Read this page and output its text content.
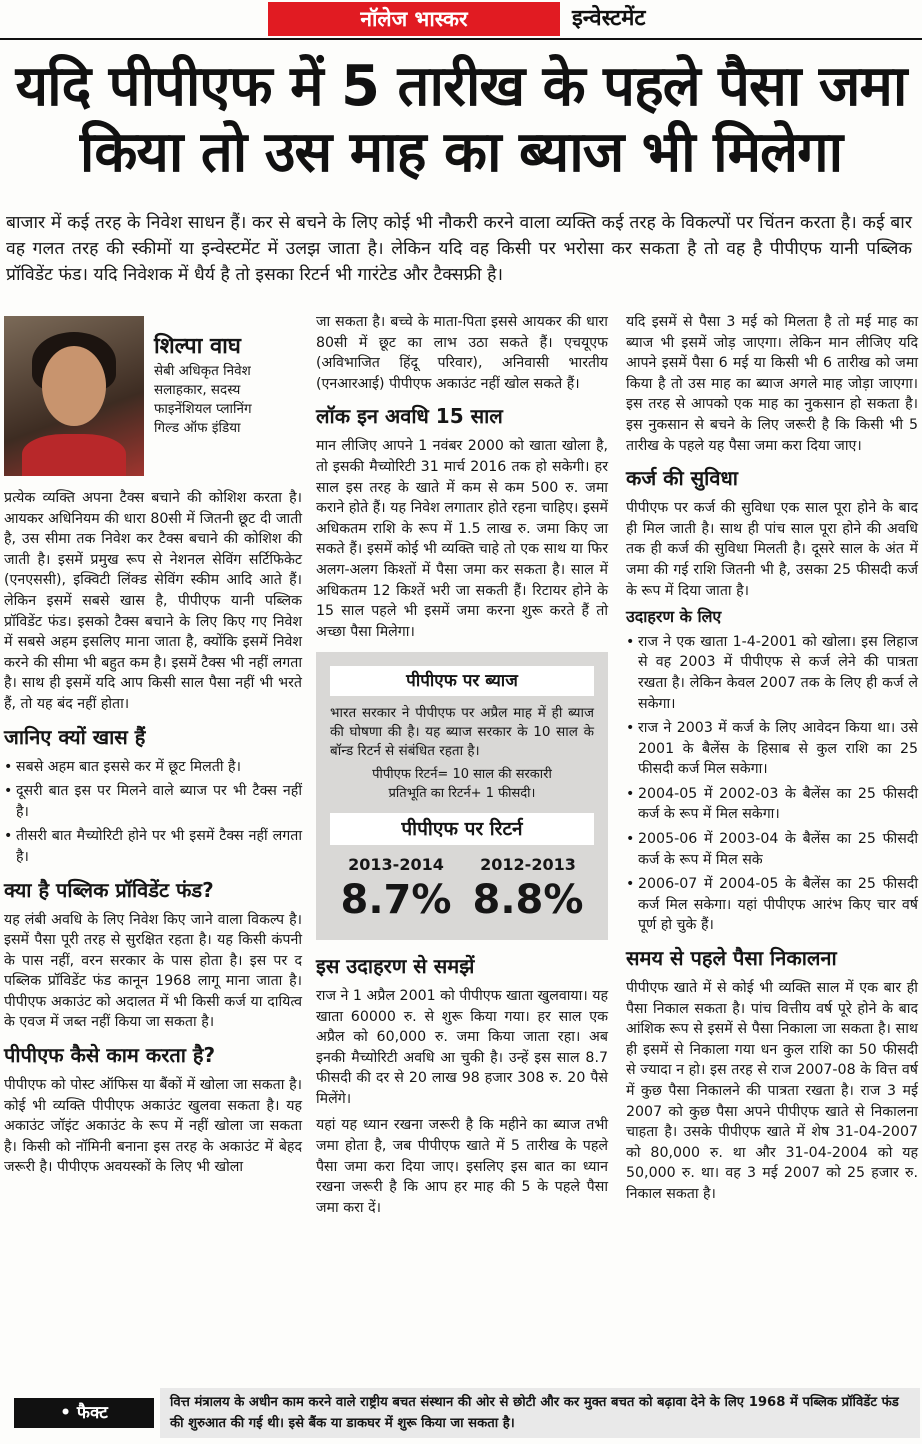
नॉलेज भास्कर	इन्वेस्टमेंट
यदि पीपीएफ में 5 तारीख के पहले पैसा जमा
किया तो उस माह का ब्याज भी मिलेगा
बाजार में कई तरह के निवेश साधन हैं। कर से बचने के लिए कोई भी नौकरी करने वाला व्यक्ति कई तरह के विकल्पों पर चिंतन करता है। कई बार वह गलत तरह की स्कीमों या इन्वेस्टमेंट में उलझ जाता है। लेकिन यदि वह किसी पर भरोसा कर सकता है तो वह है पीपीएफ यानी पब्लिक प्रॉविडेंट फंड। यदि निवेशक में धैर्य है तो इसका रिटर्न भी गारंटेड और टैक्सफ्री है।
शिल्पा वाघ
सेबी अधिकृत निवेश
सलाहकार, सदस्य
फाइनेंशियल प्लानिंग
गिल्ड ऑफ इंडिया

प्रत्येक व्यक्ति अपना टैक्स बचाने की कोशिश करता है। आयकर अधिनियम की धारा 80सी में जितनी छूट दी जाती है, उस सीमा तक निवेश कर टैक्स बचाने की कोशिश की जाती है। इसमें प्रमुख रूप से नेशनल सेविंग सर्टिफिकेट (एनएससी), इक्विटी लिंक्ड सेविंग स्कीम आदि आते हैं। लेकिन इसमें सबसे खास है, पीपीएफ यानी पब्लिक प्रॉविडेंट फंड। इसको टैक्स बचाने के लिए किए गए निवेश में सबसे अहम इसलिए माना जाता है, क्योंकि इसमें निवेश करने की सीमा भी बहुत कम है। इसमें टैक्स भी नहीं लगता है। साथ ही इसमें यदि आप किसी साल पैसा नहीं भी भरते हैं, तो यह बंद नहीं होता।

जानिए क्यों खास हैं
• सबसे अहम बात इससे कर में छूट मिलती है।
• दूसरी बात इस पर मिलने वाले ब्याज पर भी टैक्स नहीं है।
• तीसरी बात मैच्योरिटी होने पर भी इसमें टैक्स नहीं लगता है।
क्या है पब्लिक प्रॉविडेंट फंड?

यह लंबी अवधि के लिए निवेश किए जाने वाला विकल्प है। इसमें पैसा पूरी तरह से सुरक्षित रहता है। यह किसी कंपनी के पास नहीं, वरन सरकार के पास होता है। इस पर द पब्लिक प्रॉविडेंट फंड कानून 1968 लागू माना जाता है। पीपीएफ अकाउंट को अदालत में भी किसी कर्ज या दायित्व के एवज में जब्त नहीं किया जा सकता है।

पीपीएफ कैसे काम करता है?

पीपीएफ को पोस्ट ऑफिस या बैंकों में खोला जा सकता है। कोई भी व्यक्ति पीपीएफ अकाउंट खुलवा सकता है। यह अकाउंट जॉइंट अकाउंट के रूप में नहीं खोला जा सकता है। किसी को नॉमिनी बनाना इस तरह के अकाउंट में बेहद जरूरी है। पीपीएफ अवयस्कों के लिए भी खोला

जा सकता है। बच्चे के माता-पिता इससे आयकर की धारा 80सी में छूट का लाभ उठा सकते हैं। एचयूएफ (अविभाजित हिंदू परिवार), अनिवासी भारतीय (एनआरआई) पीपीएफ अकाउंट नहीं खोल सकते हैं।

लॉक इन अवधि 15 साल

मान लीजिए आपने 1 नवंबर 2000 को खाता खोला है, तो इसकी मैच्योरिटी 31 मार्च 2016 तक हो सकेगी। हर साल इस तरह के खाते में कम से कम 500 रु. जमा कराने होते हैं। यह निवेश लगातार होते रहना चाहिए। इसमें अधिकतम राशि के रूप में 1.5 लाख रु. जमा किए जा सकते हैं। इसमें कोई भी व्यक्ति चाहे तो एक साथ या फिर अलग-अलग किश्तों में पैसा जमा कर सकता है। साल में अधिकतम 12 किश्तें भरी जा सकती हैं। रिटायर होने के 15 साल पहले भी इसमें जमा करना शुरू करते हैं तो अच्छा पैसा मिलेगा।

पीपीएफ पर ब्याज
भारत सरकार ने पीपीएफ पर अप्रैल माह में ही ब्याज की घोषणा की है। यह ब्याज सरकार के 10 साल के बॉन्ड रिटर्न से संबंधित रहता है।
पीपीएफ रिटर्न= 10 साल की सरकारी
प्रतिभूति का रिटर्न+ 1 फीसदी।
पीपीएफ पर रिटर्न
2013-2014
8.7%
2012-2013
8.8%
इस उदाहरण से समझें

राज ने 1 अप्रैल 2001 को पीपीएफ खाता खुलवाया। यह खाता 60000 रु. से शुरू किया गया। हर साल एक अप्रैल को 60,000 रु. जमा किया जाता रहा। अब इनकी मैच्योरिटी अवधि आ चुकी है। उन्हें इस साल 8.7 फीसदी की दर से 20 लाख 98 हजार 308 रु. 20 पैसे मिलेंगे।

यहां यह ध्यान रखना जरूरी है कि महीने का ब्याज तभी जमा होता है, जब पीपीएफ खाते में 5 तारीख के पहले पैसा जमा करा दिया जाए। इसलिए इस बात का ध्यान रखना जरूरी है कि आप हर माह की 5 के पहले पैसा जमा करा दें।

यदि इसमें से पैसा 3 मई को मिलता है तो मई माह का ब्याज भी इसमें जोड़ जाएगा। लेकिन मान लीजिए यदि आपने इसमें पैसा 6 मई या किसी भी 6 तारीख को जमा किया है तो उस माह का ब्याज अगले माह जोड़ा जाएगा। इस तरह से आपको एक माह का नुकसान हो सकता है। इस नुकसान से बचने के लिए जरूरी है कि किसी भी 5 तारीख के पहले यह पैसा जमा करा दिया जाए।

कर्ज की सुविधा

पीपीएफ पर कर्ज की सुविधा एक साल पूरा होने के बाद ही मिल जाती है। साथ ही पांच साल पूरा होने की अवधि तक ही कर्ज की सुविधा मिलती है। दूसरे साल के अंत में जमा की गई राशि जितनी भी है, उसका 25 फीसदी कर्ज के रूप में दिया जाता है।

उदाहरण के लिए
• राज ने एक खाता 1-4-2001 को खोला। इस लिहाज से वह 2003 में पीपीएफ से कर्ज लेने की पात्रता रखता है। लेकिन केवल 2007 तक के लिए ही कर्ज ले सकेगा।
• राज ने 2003 में कर्ज के लिए आवेदन किया था। उसे 2001 के बैलेंस के हिसाब से कुल राशि का 25 फीसदी कर्ज मिल सकेगा।
• 2004-05 में 2002-03 के बैलेंस का 25 फीसदी कर्ज के रूप में मिल सकेगा।
• 2005-06 में 2003-04 के बैलेंस का 25 फीसदी कर्ज के रूप में मिल सके
• 2006-07 में 2004-05 के बैलेंस का 25 फीसदी कर्ज मिल सकेगा। यहां पीपीएफ आरंभ किए चार वर्ष पूर्ण हो चुके हैं।
समय से पहले पैसा निकालना

पीपीएफ खाते में से कोई भी व्यक्ति साल में एक बार ही पैसा निकाल सकता है। पांच वित्तीय वर्ष पूरे होने के बाद आंशिक रूप से इसमें से पैसा निकाला जा सकता है। साथ ही इसमें से निकाला गया धन कुल राशि का 50 फीसदी से ज्यादा न हो। इस तरह से राज 2007-08 के वित्त वर्ष में कुछ पैसा निकालने की पात्रता रखता है। राज 3 मई 2007 को कुछ पैसा अपने पीपीएफ खाते से निकालना चाहता है। उसके पीपीएफ खाते में शेष 31-04-2007 को 80,000 रु. था और 31-04-2004 को यह 50,000 रु. था। वह 3 मई 2007 को 25 हजार रु. निकाल सकता है।

• फैक्ट
वित्त मंत्रालय के अधीन काम करने वाले राष्ट्रीय बचत संस्थान की ओर से छोटी और कर मुक्त बचत को बढ़ावा देने के लिए 1968 में पब्लिक प्रॉविडेंट फंड की शुरुआत की गई थी। इसे बैंक या डाकघर में शुरू किया जा सकता है।
